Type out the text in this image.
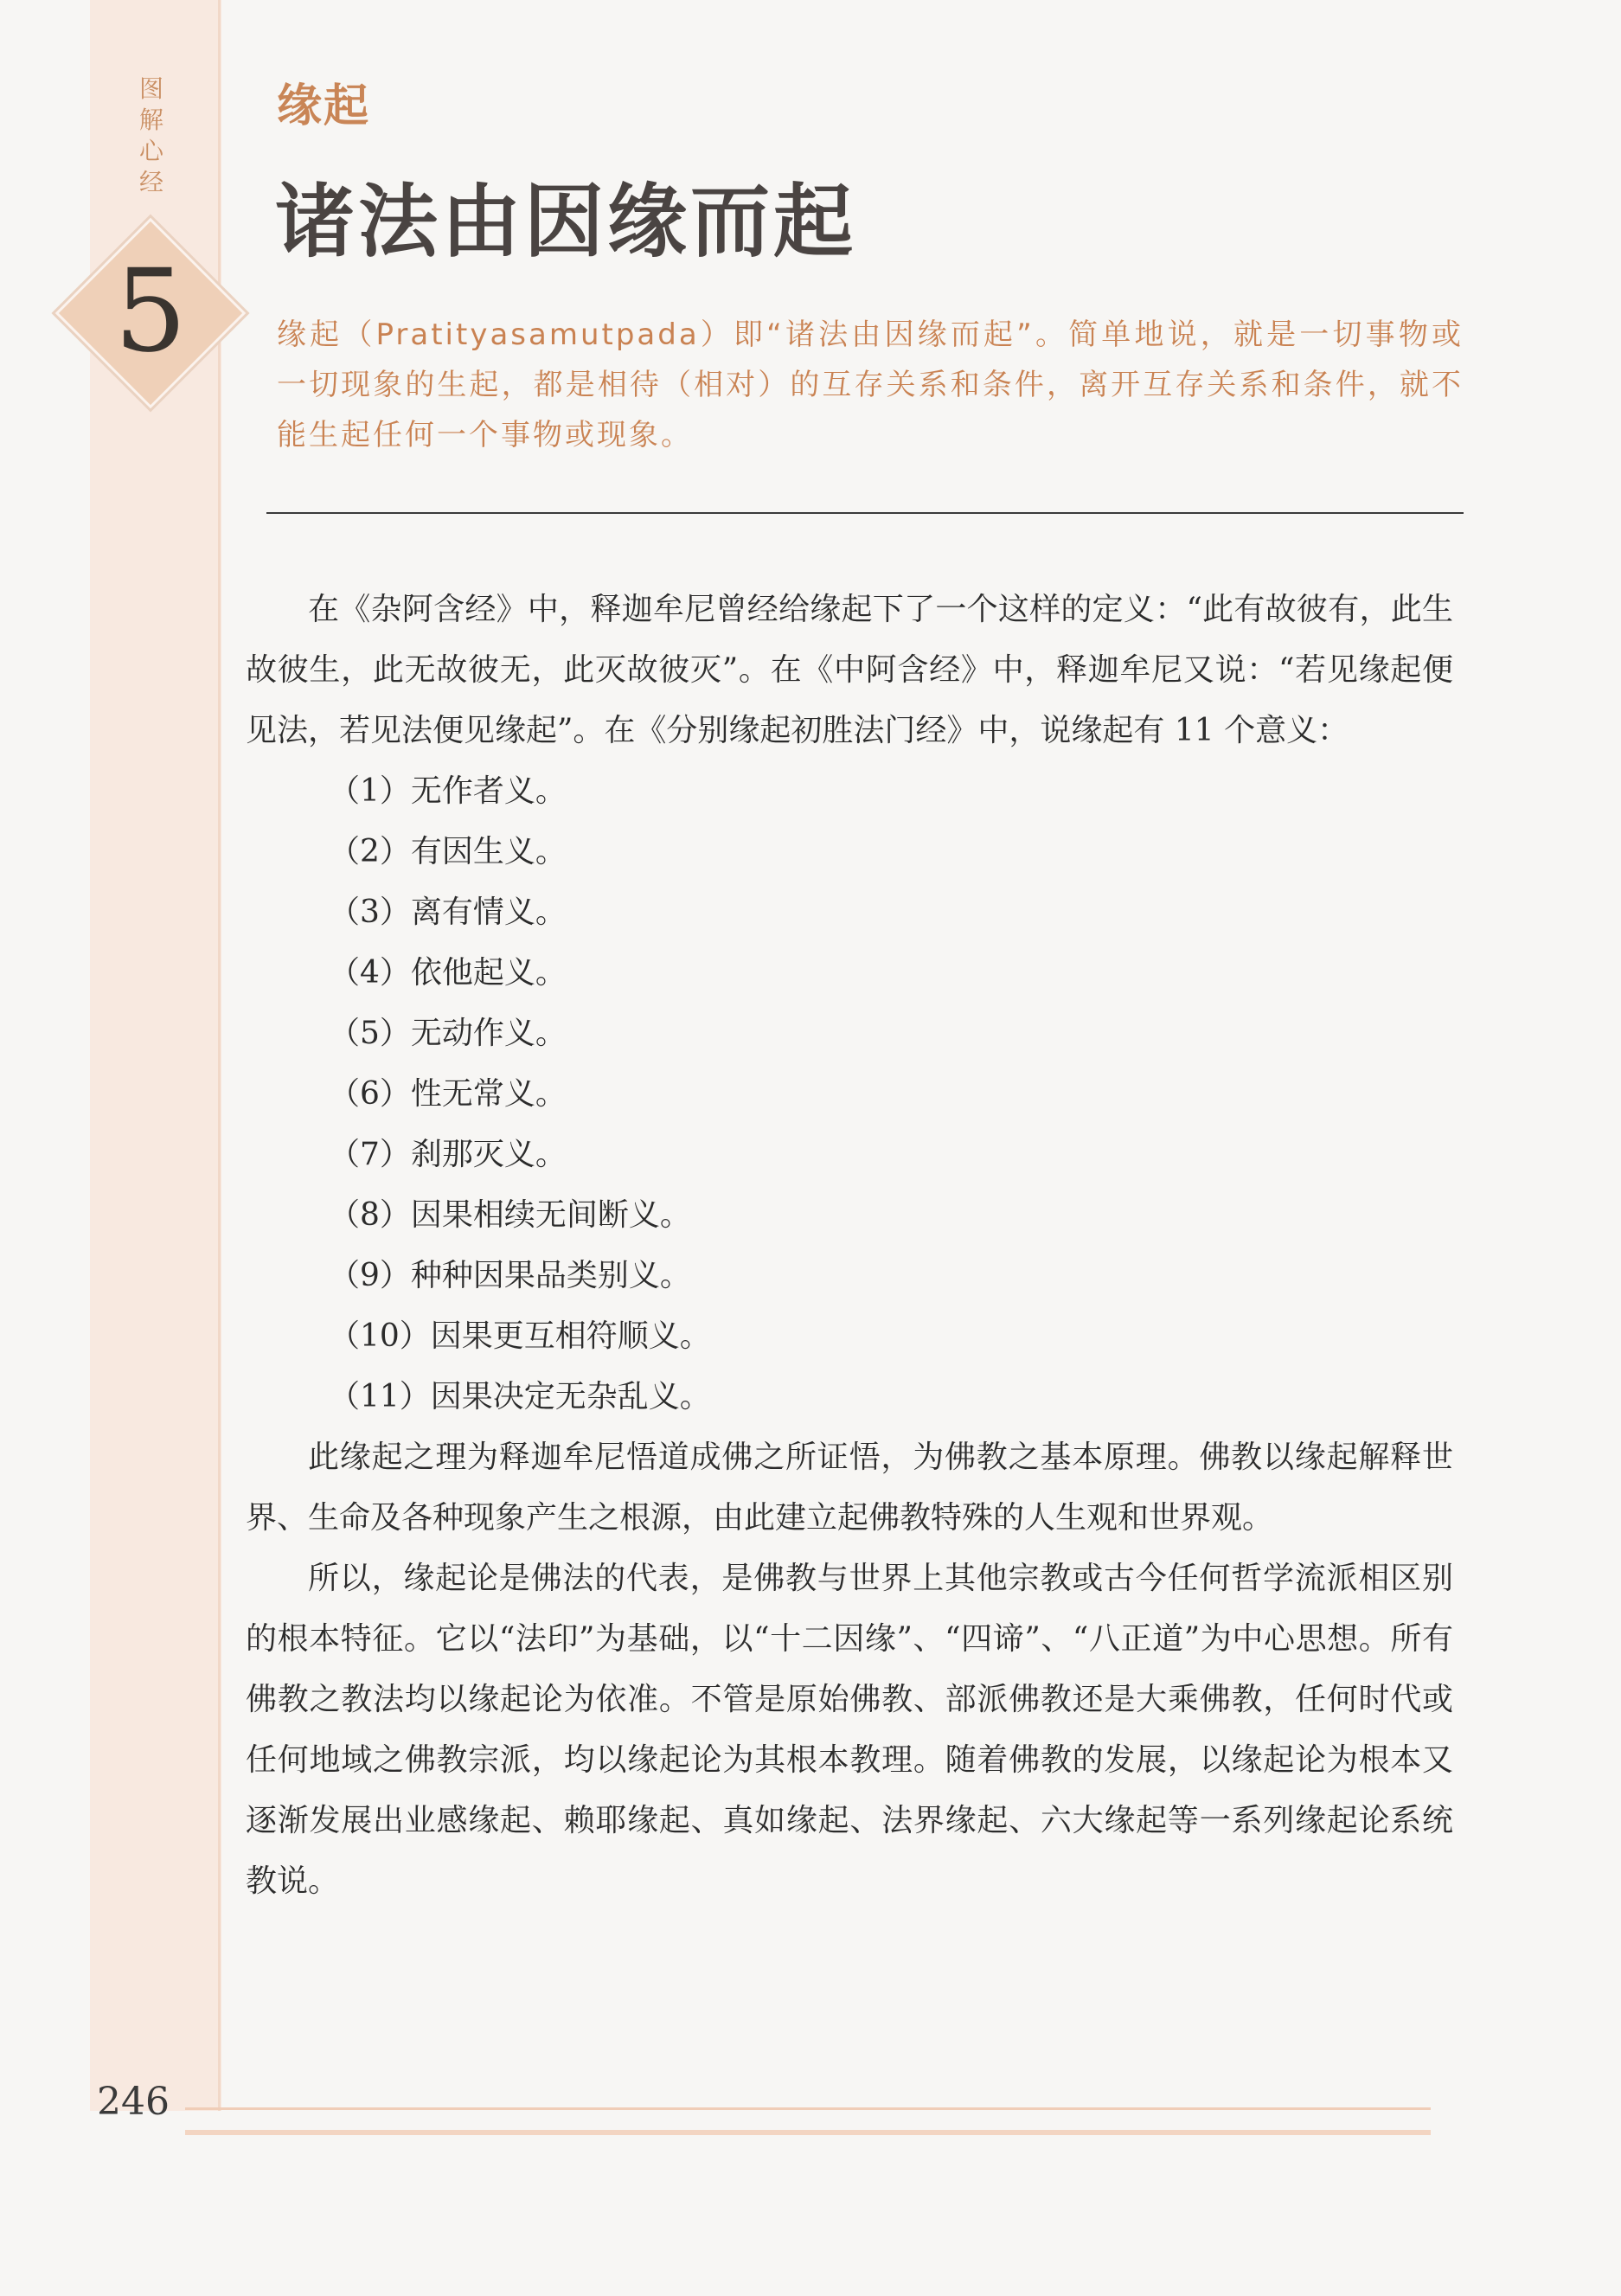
图解心经
5
缘起
诸法由因缘而起
缘起（Pratityasamutpada）即“诸法由因缘而起”。简单地说，就是一切事物或一切现象的生起，都是相待（相对）的互存关系和条件，离开互存关系和条件，就不能生起任何一个事物或现象。

在《杂阿含经》中，释迦牟尼曾经给缘起下了一个这样的定义：“此有故彼有，此生故彼生，此无故彼无，此灭故彼灭”。在《中阿含经》中，释迦牟尼又说：“若见缘起便见法，若见法便见缘起”。在《分别缘起初胜法门经》中，说缘起有 11 个意义：

（1）无作者义。
（2）有因生义。
（3）离有情义。
（4）依他起义。
（5）无动作义。
（6）性无常义。
（7）刹那灭义。
（8）因果相续无间断义。
（9）种种因果品类别义。
（10）因果更互相符顺义。
（11）因果决定无杂乱义。

此缘起之理为释迦牟尼悟道成佛之所证悟，为佛教之基本原理。佛教以缘起解释世界、生命及各种现象产生之根源，由此建立起佛教特殊的人生观和世界观。

所以，缘起论是佛法的代表，是佛教与世界上其他宗教或古今任何哲学流派相区别的根本特征。它以“法印”为基础，以“十二因缘”、“四谛”、“八正道”为中心思想。所有佛教之教法均以缘起论为依准。不管是原始佛教、部派佛教还是大乘佛教，任何时代或任何地域之佛教宗派，均以缘起论为其根本教理。随着佛教的发展，以缘起论为根本又逐渐发展出业感缘起、赖耶缘起、真如缘起、法界缘起、六大缘起等一系列缘起论系统教说。

246
